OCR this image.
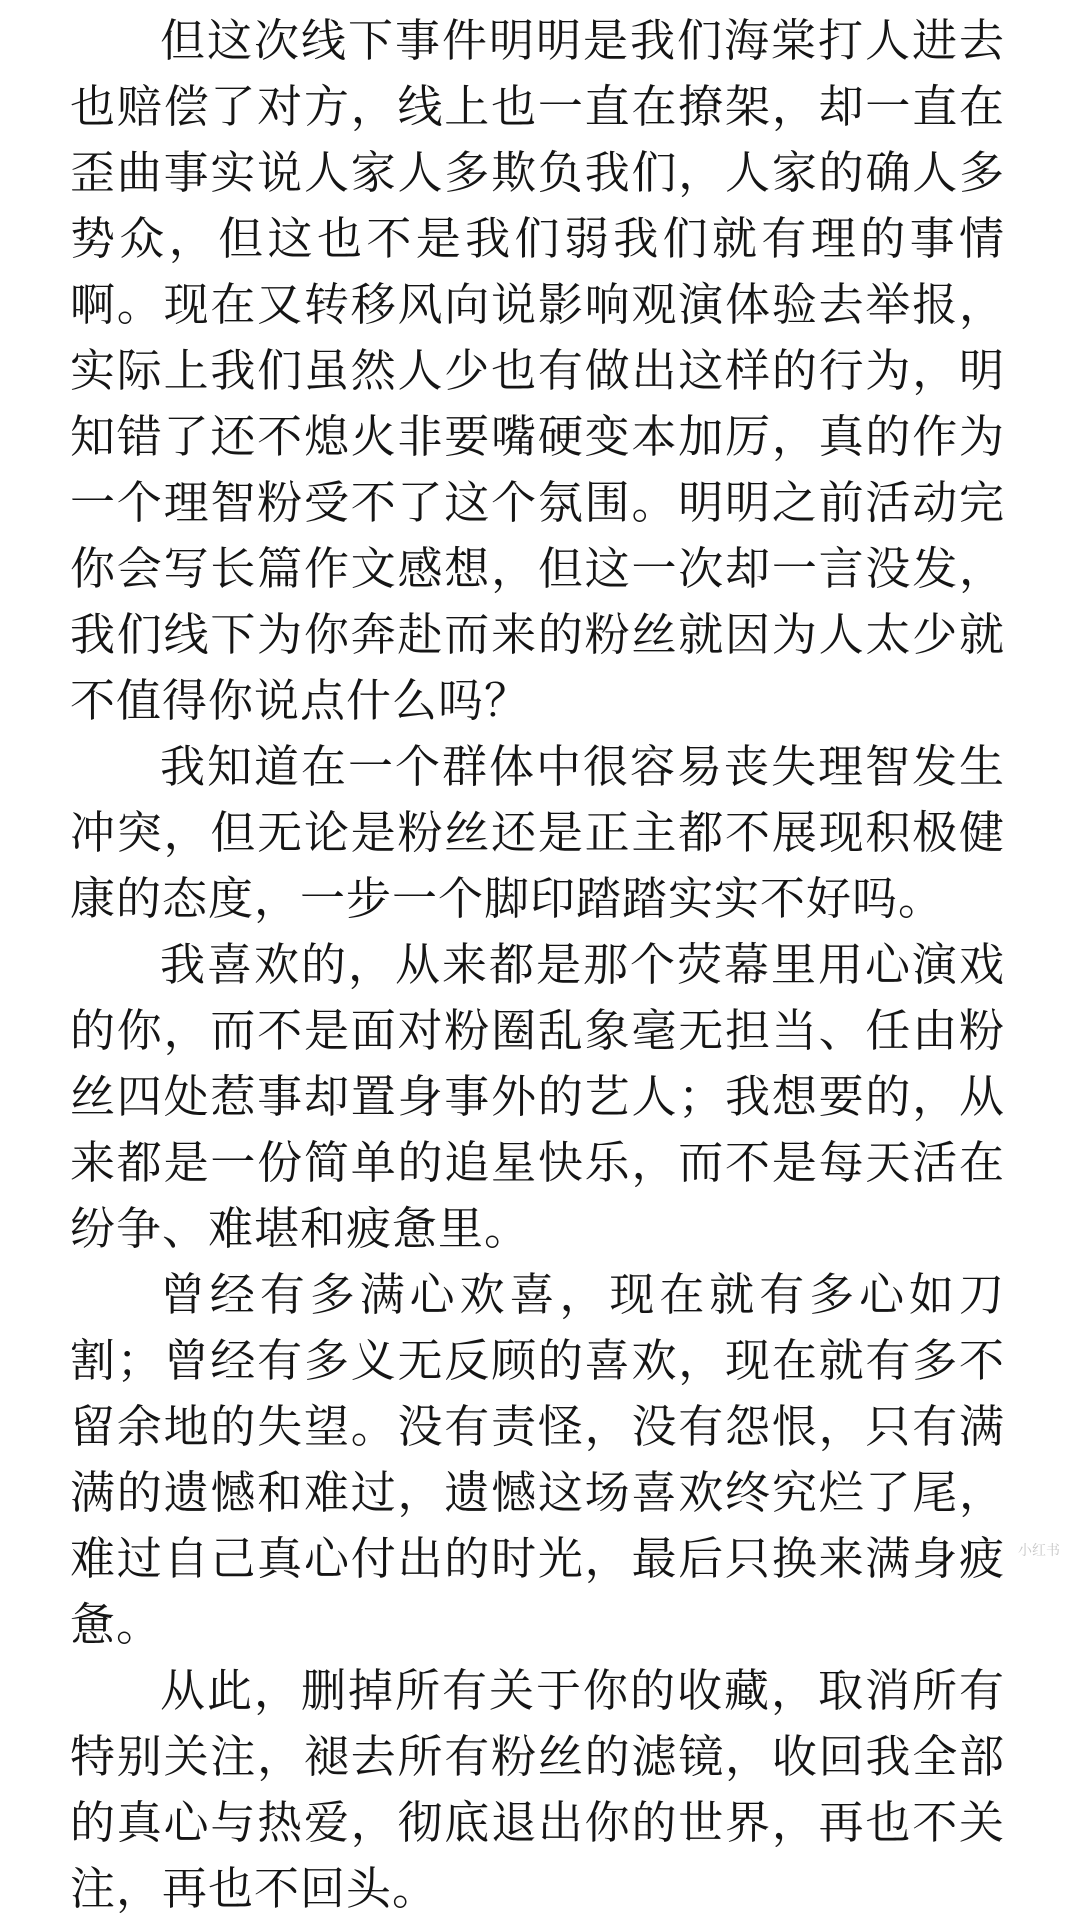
但这次线下事件明明是我们海棠打人进去也赔偿了对方，线上也一直在撩架，却一直在歪曲事实说人家人多欺负我们，人家的确人多势众，但这也不是我们弱我们就有理的事情啊。现在又转移风向说影响观演体验去举报，实际上我们虽然人少也有做出这样的行为，明知错了还不熄火非要嘴硬变本加厉，真的作为一个理智粉受不了这个氛围。明明之前活动完你会写长篇作文感想，但这一次却一言没发，我们线下为你奔赴而来的粉丝就因为人太少就不值得你说点什么吗？

我知道在一个群体中很容易丧失理智发生冲突，但无论是粉丝还是正主都不展现积极健康的态度，一步一个脚印踏踏实实不好吗。

我喜欢的，从来都是那个荧幕里用心演戏的你，而不是面对粉圈乱象毫无担当、任由粉丝四处惹事却置身事外的艺人；我想要的，从来都是一份简单的追星快乐，而不是每天活在纷争、难堪和疲惫里。

曾经有多满心欢喜，现在就有多心如刀割；曾经有多义无反顾的喜欢，现在就有多不留余地的失望。没有责怪，没有怨恨，只有满满的遗憾和难过，遗憾这场喜欢终究烂了尾，难过自己真心付出的时光，最后只换来满身疲惫。

从此，删掉所有关于你的收藏，取消所有特别关注，褪去所有粉丝的滤镜，收回我全部的真心与热爱，彻底退出你的世界，再也不关注，再也不回头。

小红书
